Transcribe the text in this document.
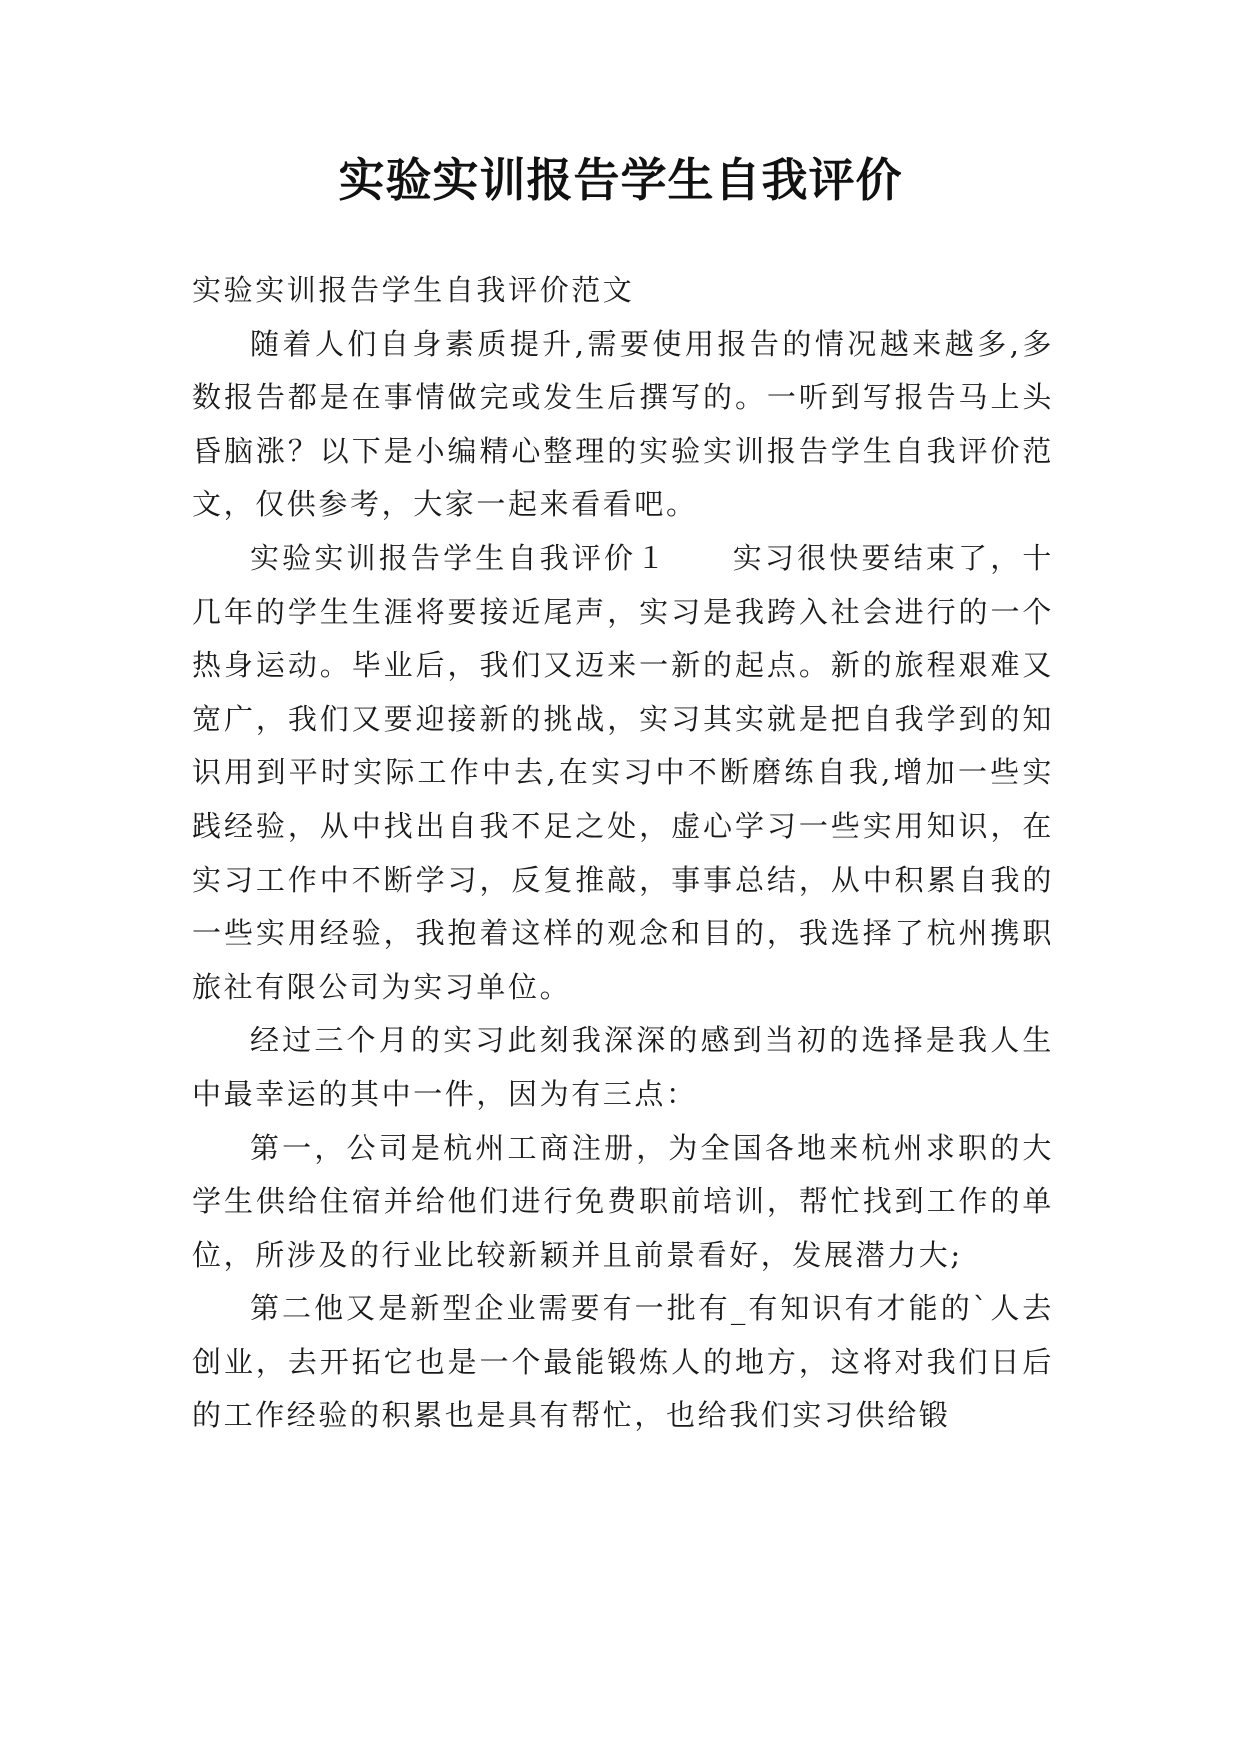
实验实训报告学生自我评价

实验实训报告学生自我评价范文

随着人们自身素质提升,需要使用报告的情况越来越多,多数报告都是在事情做完或发生后撰写的。一听到写报告马上头昏脑涨？以下是小编精心整理的实验实训报告学生自我评价范文，仅供参考，大家一起来看看吧。

实验实训报告学生自我评价１　　实习很快要结束了，十几年的学生生涯将要接近尾声，实习是我跨入社会进行的一个热身运动。毕业后，我们又迈来一新的起点。新的旅程艰难又宽广，我们又要迎接新的挑战，实习其实就是把自我学到的知识用到平时实际工作中去,在实习中不断磨练自我,增加一些实践经验，从中找出自我不足之处，虚心学习一些实用知识，在实习工作中不断学习，反复推敲，事事总结，从中积累自我的一些实用经验，我抱着这样的观念和目的，我选择了杭州携职旅社有限公司为实习单位。

经过三个月的实习此刻我深深的感到当初的选择是我人生中最幸运的其中一件，因为有三点：

第一，公司是杭州工商注册，为全国各地来杭州求职的大学生供给住宿并给他们进行免费职前培训，帮忙找到工作的单位，所涉及的行业比较新颖并且前景看好，发展潜力大;

第二他又是新型企业需要有一批有_有知识有才能的`人去创业，去开拓它也是一个最能锻炼人的地方，这将对我们日后的工作经验的积累也是具有帮忙，也给我们实习供给锻
